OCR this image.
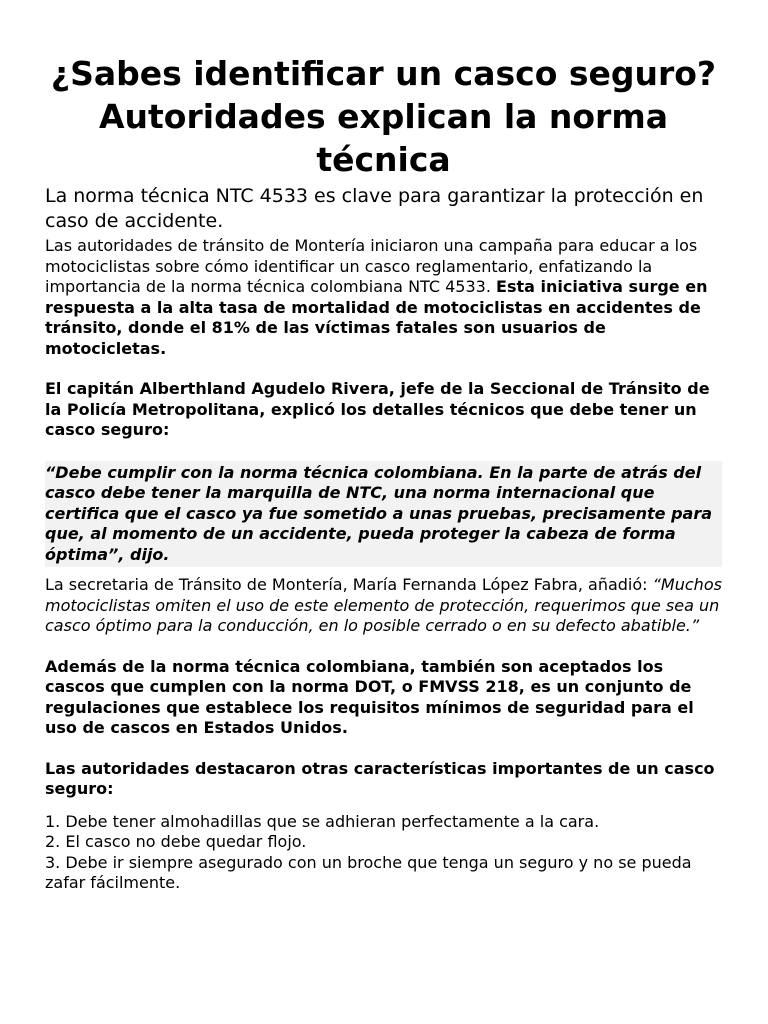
¿Sabes identificar un casco seguro? Autoridades explican la norma técnica
La norma técnica NTC 4533 es clave para garantizar la protección en caso de accidente.

Las autoridades de tránsito de Montería iniciaron una campaña para educar a los motociclistas sobre cómo identificar un casco reglamentario, enfatizando la importancia de la norma técnica colombiana NTC 4533. Esta iniciativa surge en respuesta a la alta tasa de mortalidad de motociclistas en accidentes de tránsito, donde el 81% de las víctimas fatales son usuarios de motocicletas.

El capitán Alberthland Agudelo Rivera, jefe de la Seccional de Tránsito de la Policía Metropolitana, explicó los detalles técnicos que debe tener un casco seguro:

“Debe cumplir con la norma técnica colombiana. En la parte de atrás del casco debe tener la marquilla de NTC, una norma internacional que certifica que el casco ya fue sometido a unas pruebas, precisamente para que, al momento de un accidente, pueda proteger la cabeza de forma óptima”, dijo.

La secretaria de Tránsito de Montería, María Fernanda López Fabra, añadió: “Muchos motociclistas omiten el uso de este elemento de protección, requerimos que sea un casco óptimo para la conducción, en lo posible cerrado o en su defecto abatible.”

Además de la norma técnica colombiana, también son aceptados los cascos que cumplen con la norma DOT, o FMVSS 218, es un conjunto de regulaciones que establece los requisitos mínimos de seguridad para el uso de cascos en Estados Unidos.

Las autoridades destacaron otras características importantes de un casco seguro:

1. Debe tener almohadillas que se adhieran perfectamente a la cara.
2. El casco no debe quedar flojo.
3. Debe ir siempre asegurado con un broche que tenga un seguro y no se pueda zafar fácilmente.
